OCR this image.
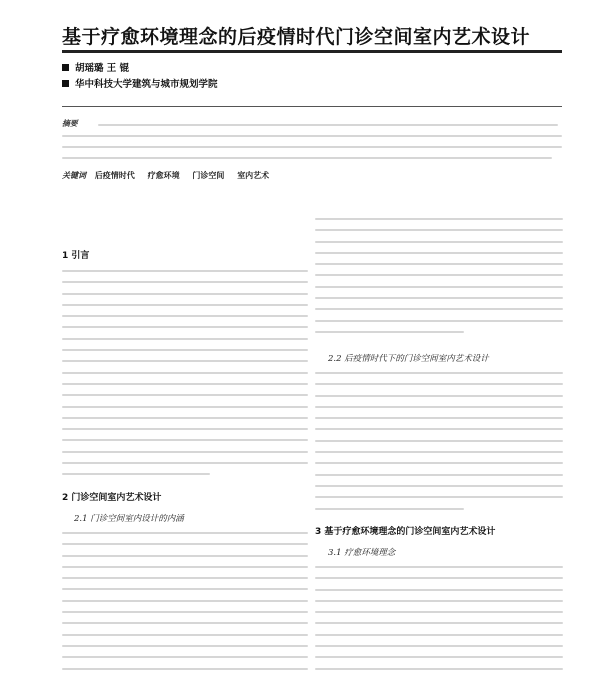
基于疗愈环境理念的后疫情时代门诊空间室内艺术设计
胡瑶璐 王 锟
华中科技大学建筑与城市规划学院
摘要
关键词 后疫情时代 疗愈环境 门诊空间 室内艺术
1 引言
2 门诊空间室内艺术设计
2.1 门诊空间室内设计的内涵
2.2 后疫情时代下的门诊空间室内艺术设计
3 基于疗愈环境理念的门诊空间室内艺术设计
3.1 疗愈环境理念
